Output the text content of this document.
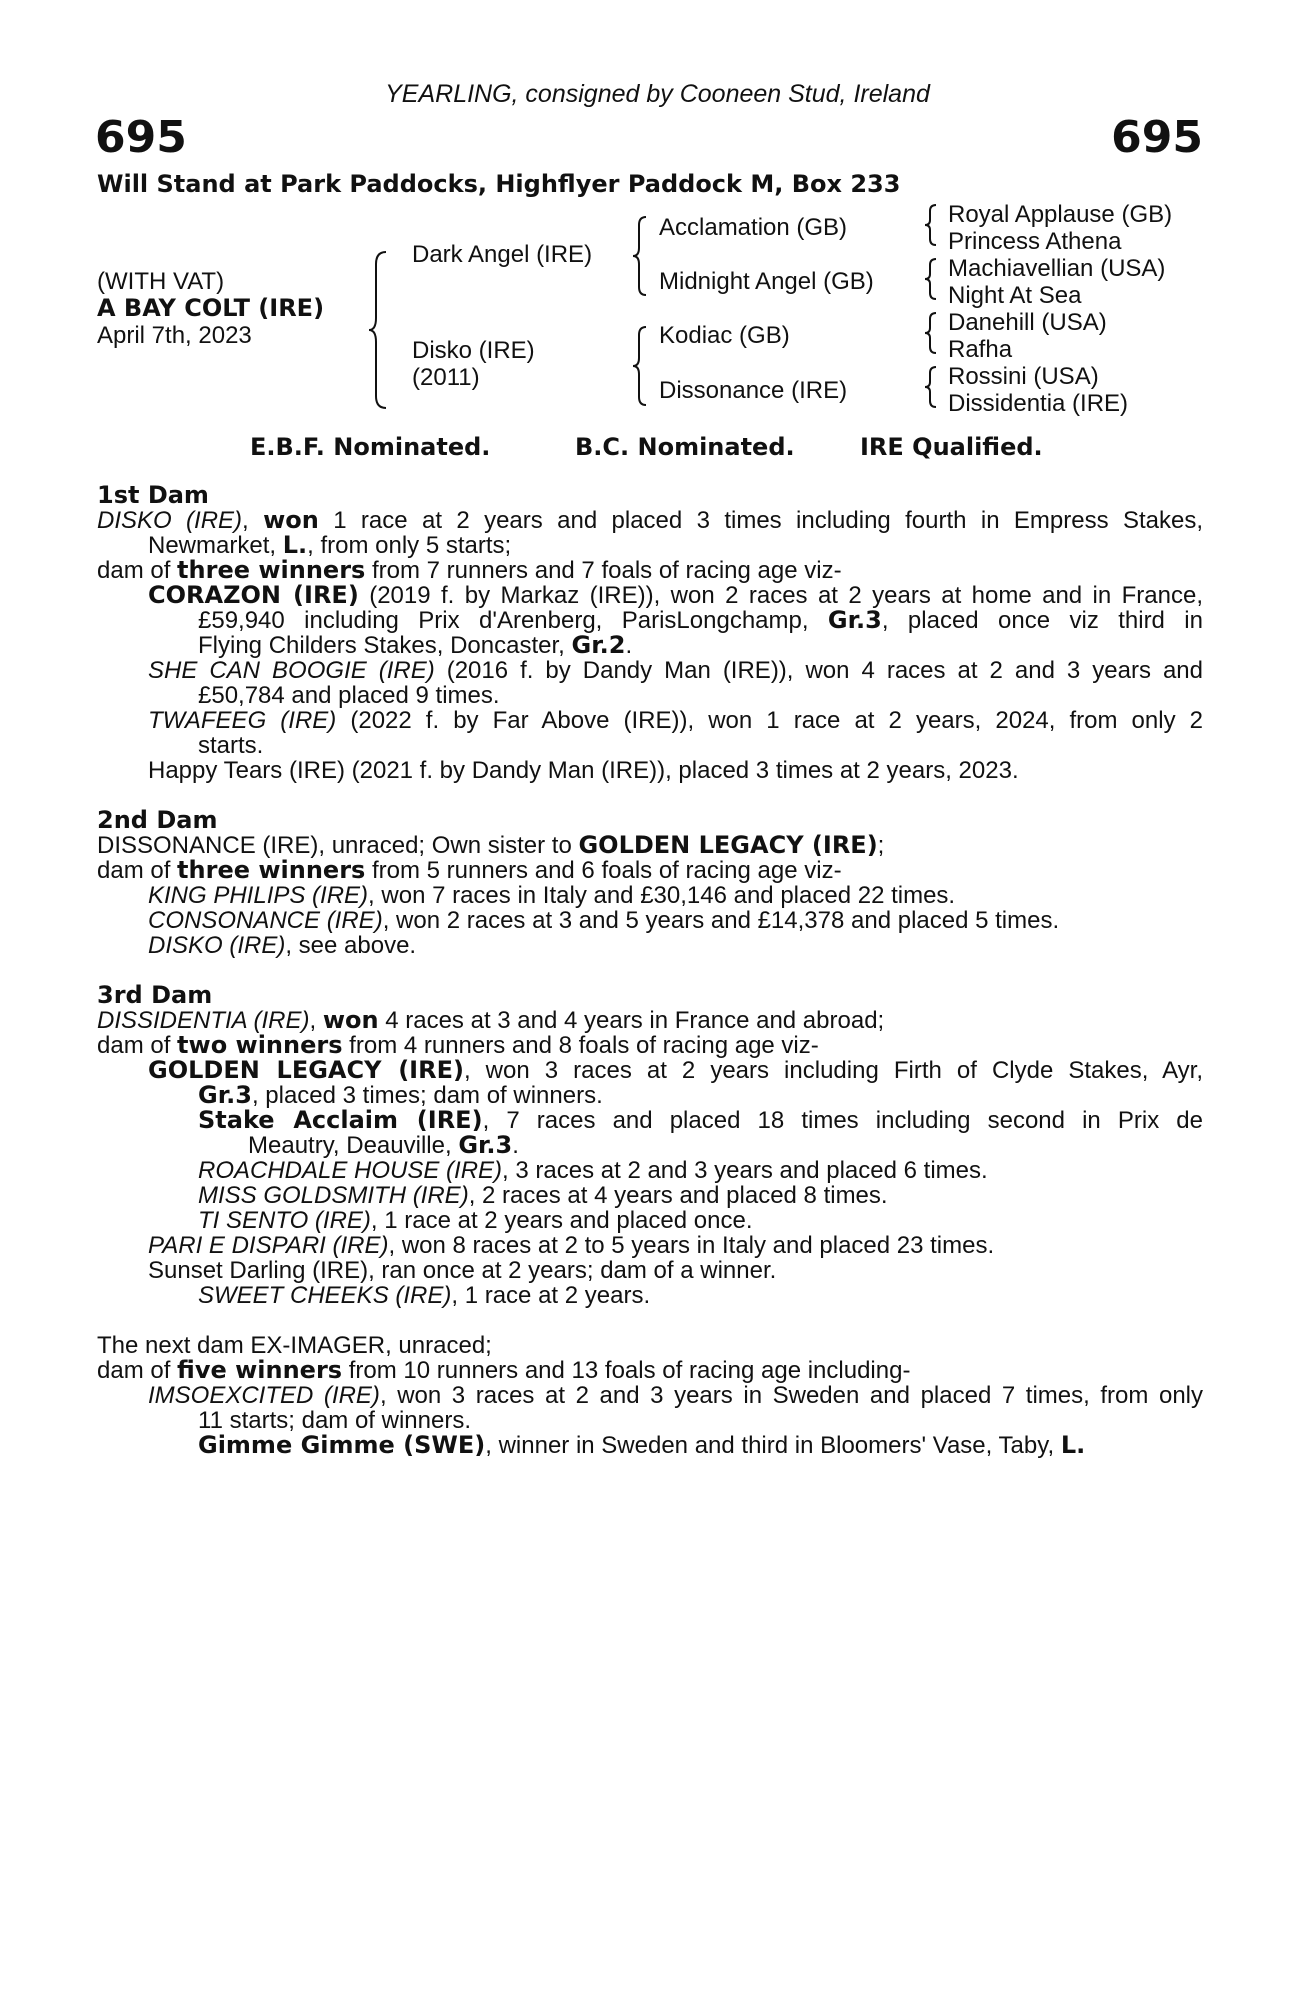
YEARLING, consigned by Cooneen Stud, Ireland
695	695
Will Stand at Park Paddocks, Highflyer Paddock M, Box 233
(WITH VAT)
A BAY COLT (IRE)
April 7th, 2023
Dark Angel (IRE)
Disko (IRE)
(2011)
Acclamation (GB)
Midnight Angel (GB)
Kodiac (GB)
Dissonance (IRE)
Royal Applause (GB)
Princess Athena
Machiavellian (USA)
Night At Sea
Danehill (USA)
Rafha
Rossini (USA)
Dissidentia (IRE)
E.B.F. Nominated.	B.C. Nominated.	IRE Qualified.
1st Dam
DISKO (IRE), won 1 race at 2 years and placed 3 times including fourth in Empress Stakes,
Newmarket, L., from only 5 starts;
dam of three winners from 7 runners and 7 foals of racing age viz-
CORAZON (IRE) (2019 f. by Markaz (IRE)), won 2 races at 2 years at home and in France,
£59,940 including Prix d'Arenberg, ParisLongchamp, Gr.3, placed once viz third in
Flying Childers Stakes, Doncaster, Gr.2.
SHE CAN BOOGIE (IRE) (2016 f. by Dandy Man (IRE)), won 4 races at 2 and 3 years and
£50,784 and placed 9 times.
TWAFEEG (IRE) (2022 f. by Far Above (IRE)), won 1 race at 2 years, 2024, from only 2
starts.
Happy Tears (IRE) (2021 f. by Dandy Man (IRE)), placed 3 times at 2 years, 2023.
2nd Dam
DISSONANCE (IRE), unraced; Own sister to GOLDEN LEGACY (IRE);
dam of three winners from 5 runners and 6 foals of racing age viz-
KING PHILIPS (IRE), won 7 races in Italy and £30,146 and placed 22 times.
CONSONANCE (IRE), won 2 races at 3 and 5 years and £14,378 and placed 5 times.
DISKO (IRE), see above.
3rd Dam
DISSIDENTIA (IRE), won 4 races at 3 and 4 years in France and abroad;
dam of two winners from 4 runners and 8 foals of racing age viz-
GOLDEN LEGACY (IRE), won 3 races at 2 years including Firth of Clyde Stakes, Ayr,
Gr.3, placed 3 times; dam of winners.
Stake Acclaim (IRE), 7 races and placed 18 times including second in Prix de
Meautry, Deauville, Gr.3.
ROACHDALE HOUSE (IRE), 3 races at 2 and 3 years and placed 6 times.
MISS GOLDSMITH (IRE), 2 races at 4 years and placed 8 times.
TI SENTO (IRE), 1 race at 2 years and placed once.
PARI E DISPARI (IRE), won 8 races at 2 to 5 years in Italy and placed 23 times.
Sunset Darling (IRE), ran once at 2 years; dam of a winner.
SWEET CHEEKS (IRE), 1 race at 2 years.
The next dam EX-IMAGER, unraced;
dam of five winners from 10 runners and 13 foals of racing age including-
IMSOEXCITED (IRE), won 3 races at 2 and 3 years in Sweden and placed 7 times, from only
11 starts; dam of winners.
Gimme Gimme (SWE), winner in Sweden and third in Bloomers' Vase, Taby, L.
